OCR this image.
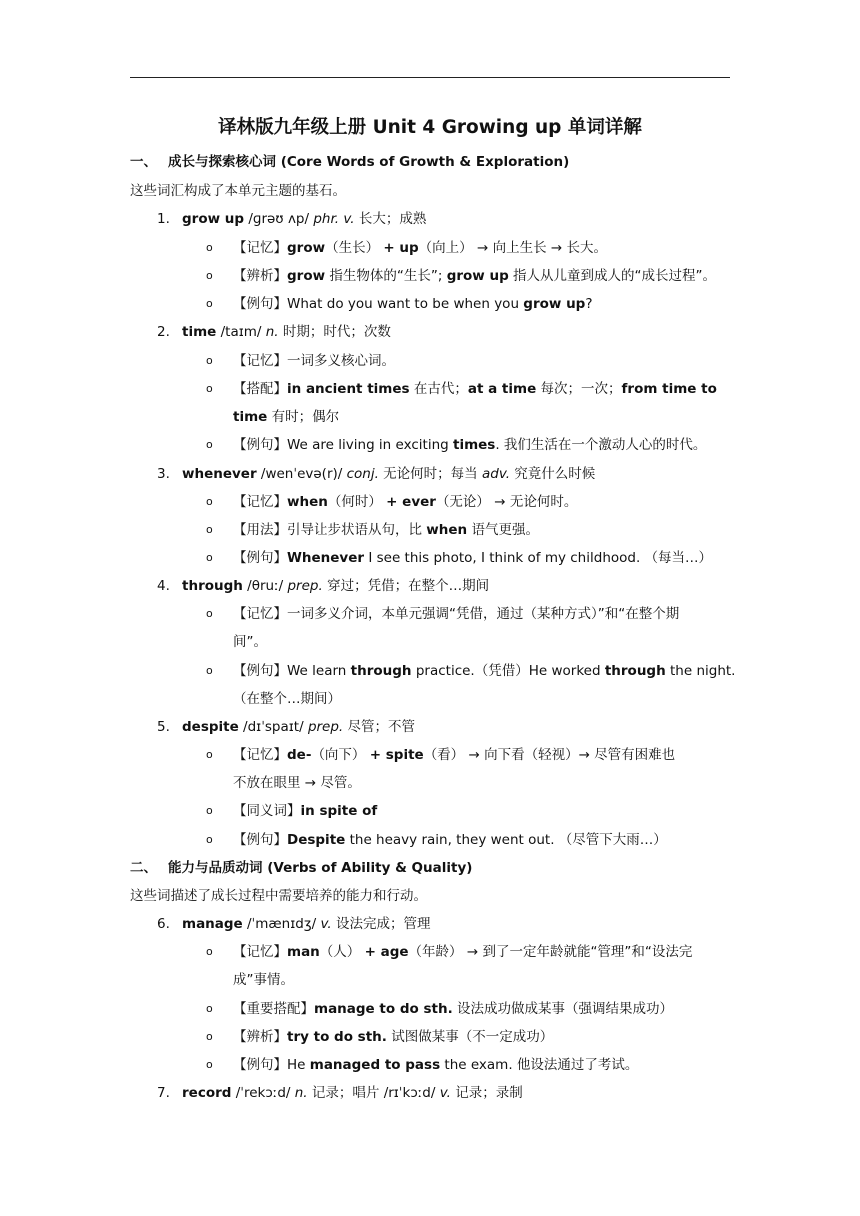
译林版九年级上册 Unit 4 Growing up 单词详解
一、 成长与探索核心词 (Core Words of Growth & Exploration)
这些词汇构成了本单元主题的基石。
1. grow up /ɡrəʊ ʌp/ phr. v. 长大；成熟
o 【记忆】grow（生长） + up（向上） → 向上生长 → 长大。
o 【辨析】grow 指生物体的“生长”; grow up 指人从儿童到成人的“成长过程”。
o 【例句】What do you want to be when you grow up?
2. time /taɪm/ n. 时期；时代；次数
o 【记忆】一词多义核心词。
o 【搭配】in ancient times 在古代；at a time 每次；一次；from time to
time 有时；偶尔
o 【例句】We are living in exciting times. 我们生活在一个激动人心的时代。
3. whenever /wenˈevə(r)/ conj. 无论何时；每当 adv. 究竟什么时候
o 【记忆】when（何时） + ever（无论） → 无论何时。
o 【用法】引导让步状语从句，比 when 语气更强。
o 【例句】Whenever I see this photo, I think of my childhood. （每当…）
4. through /θruː/ prep. 穿过；凭借；在整个…期间
o 【记忆】一词多义介词，本单元强调“凭借，通过（某种方式）”和“在整个期
间”。
o 【例句】We learn through practice.（凭借）He worked through the night.
（在整个…期间）
5. despite /dɪˈspaɪt/ prep. 尽管；不管
o 【记忆】de-（向下） + spite（看） → 向下看（轻视）→ 尽管有困难也
不放在眼里 → 尽管。
o 【同义词】in spite of
o 【例句】Despite the heavy rain, they went out. （尽管下大雨…）
二、 能力与品质动词 (Verbs of Ability & Quality)
这些词描述了成长过程中需要培养的能力和行动。
6. manage /ˈmænɪdʒ/ v. 设法完成；管理
o 【记忆】man（人） + age（年龄） → 到了一定年龄就能“管理”和“设法完
成”事情。
o 【重要搭配】manage to do sth. 设法成功做成某事（强调结果成功）
o 【辨析】try to do sth. 试图做某事（不一定成功）
o 【例句】He managed to pass the exam. 他设法通过了考试。
7. record /ˈrekɔːd/ n. 记录；唱片 /rɪˈkɔːd/ v. 记录；录制
